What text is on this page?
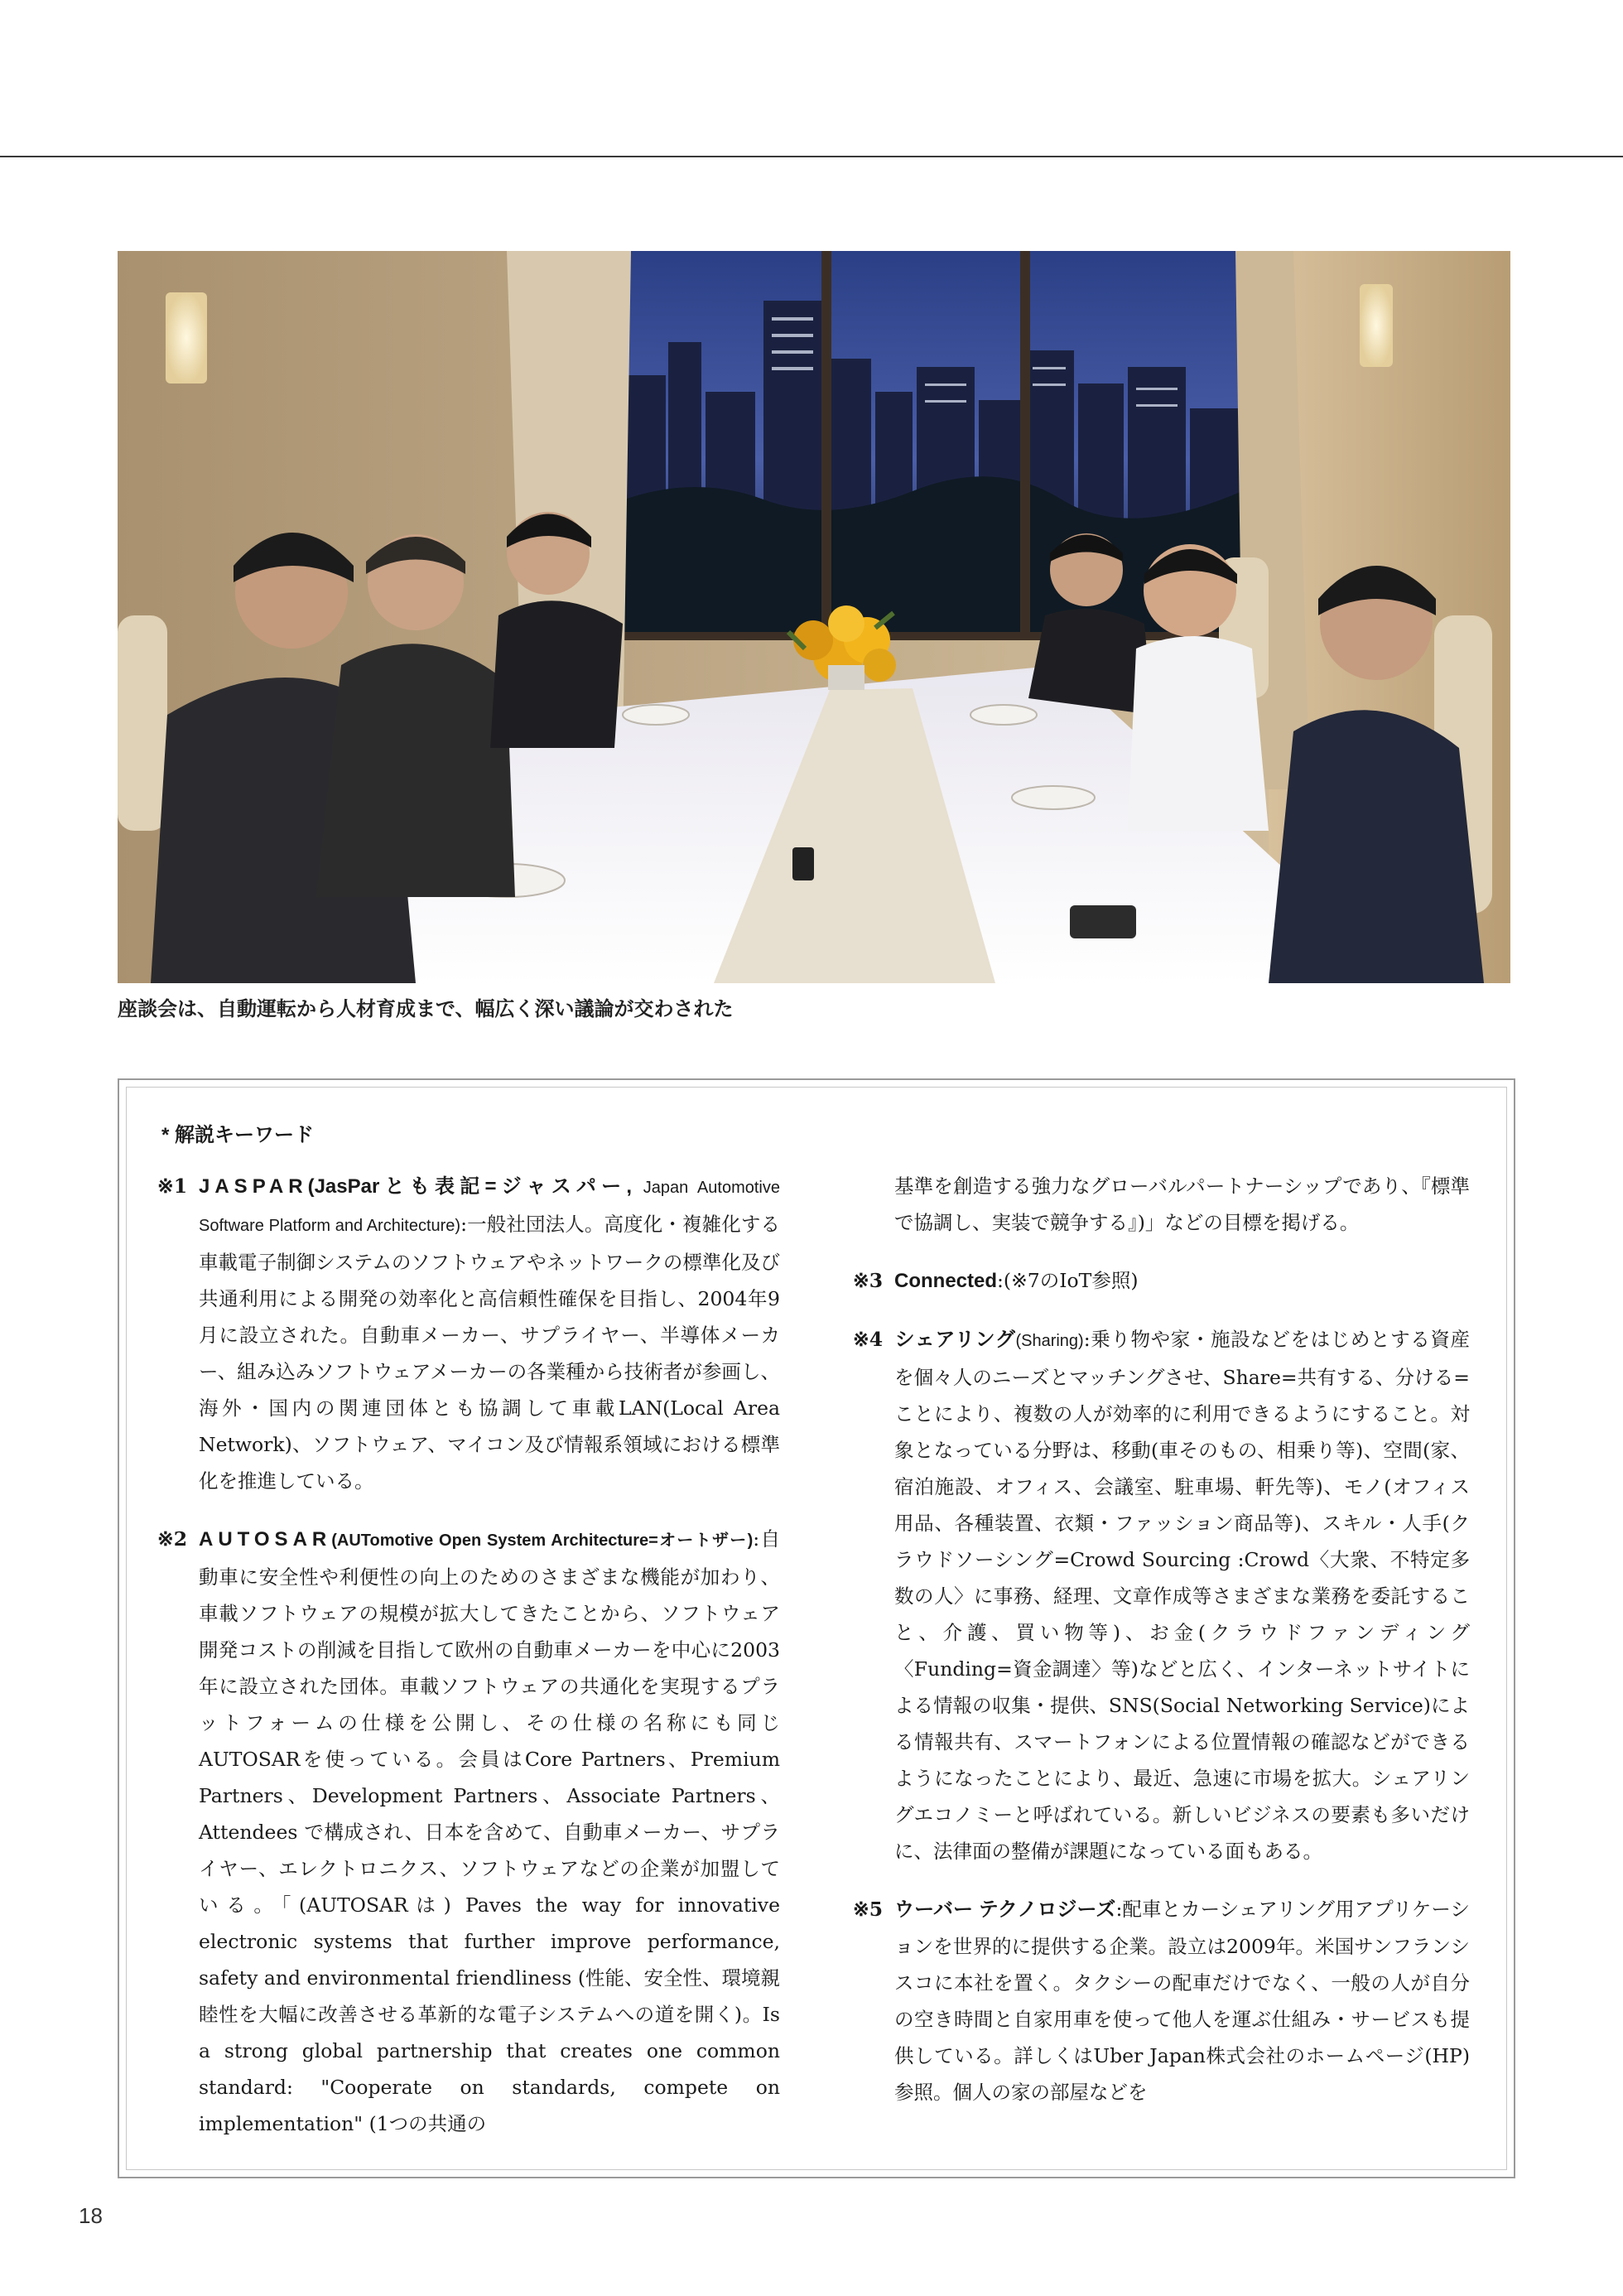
座談会は、自動運転から人材育成まで、幅広く深い議論が交わされた
* 解説キーワード

※1 JASPAR(JasParとも表記=ジャスパー, Japan Automotive Software Platform and Architecture):一般社団法人。高度化・複雑化する車載電子制御システムのソフトウェアやネットワークの標準化及び共通利用による開発の効率化と高信頼性確保を目指し、2004年9月に設立された。自動車メーカー、サプライヤー、半導体メーカー、組み込みソフトウェアメーカーの各業種から技術者が参画し、海外・国内の関連団体とも協調して車載LAN(Local Area Network)、ソフトウェア、マイコン及び情報系領域における標準化を推進している。

※2 AUTOSAR(AUTomotive Open System Architecture=オートザー):自動車に安全性や利便性の向上のためのさまざまな機能が加わり、車載ソフトウェアの規模が拡大してきたことから、ソフトウェア開発コストの削減を目指して欧州の自動車メーカーを中心に2003年に設立された団体。車載ソフトウェアの共通化を実現するプラットフォームの仕様を公開し、その仕様の名称にも同じAUTOSARを使っている。会員はCore Partners、Premium Partners、Development Partners、Associate Partners、Attendees で構成され、日本を含めて、自動車メーカー、サプライヤー、エレクトロニクス、ソフトウェアなどの企業が加盟している。「(AUTOSARは) Paves the way for innovative electronic systems that further improve performance, safety and environmental friendliness (性能、安全性、環境親睦性を大幅に改善させる革新的な電子システムへの道を開く)。Is a strong global partnership that creates one common standard: "Cooperate on standards, compete on implementation" (1つの共通の

基準を創造する強力なグローバルパートナーシップであり、『標準で協調し、実装で競争する』)」などの目標を掲げる。

※3 Connected:(※7のIoT参照)

※4 シェアリング(Sharing):乗り物や家・施設などをはじめとする資産を個々人のニーズとマッチングさせ、Share=共有する、分ける=ことにより、複数の人が効率的に利用できるようにすること。対象となっている分野は、移動(車そのもの、相乗り等)、空間(家、宿泊施設、オフィス、会議室、駐車場、軒先等)、モノ(オフィス用品、各種装置、衣類・ファッション商品等)、スキル・人手(クラウドソーシング=Crowd Sourcing :Crowd〈大衆、不特定多数の人〉に事務、経理、文章作成等さまざまな業務を委託すること、介護、買い物等)、お金(クラウドファンディング〈Funding=資金調達〉等)などと広く、インターネットサイトによる情報の収集・提供、SNS(Social Networking Service)による情報共有、スマートフォンによる位置情報の確認などができるようになったことにより、最近、急速に市場を拡大。シェアリングエコノミーと呼ばれている。新しいビジネスの要素も多いだけに、法律面の整備が課題になっている面もある。

※5 ウーバー テクノロジーズ:配車とカーシェアリング用アプリケーションを世界的に提供する企業。設立は2009年。米国サンフランシスコに本社を置く。タクシーの配車だけでなく、一般の人が自分の空き時間と自家用車を使って他人を運ぶ仕組み・サービスも提供している。詳しくはUber Japan株式会社のホームページ(HP)参照。個人の家の部屋などを

18
